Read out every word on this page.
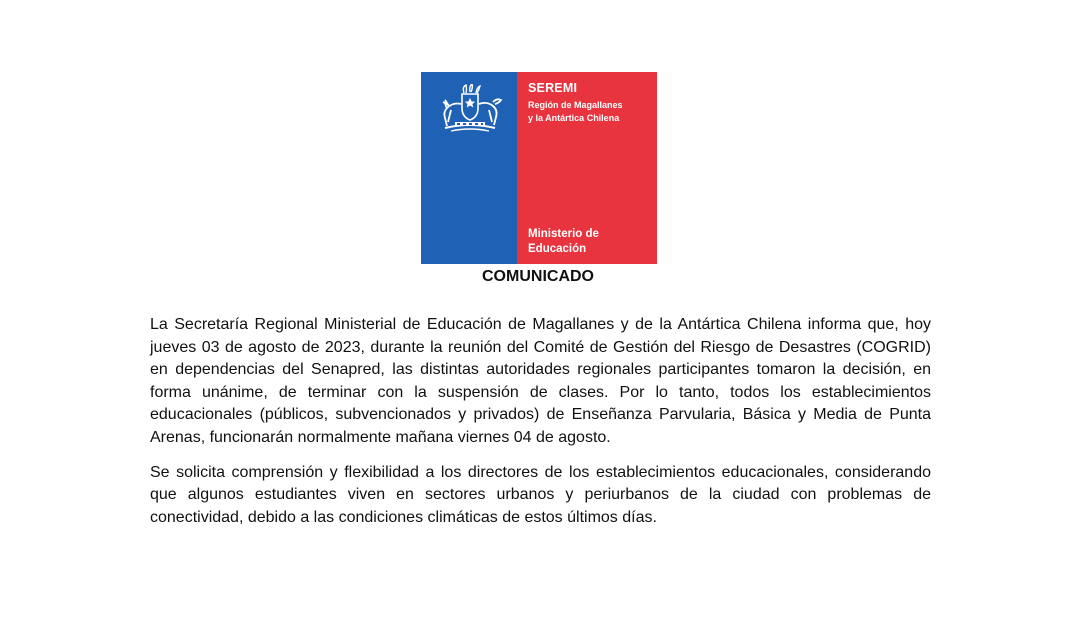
SEREMI
Región de Magallanes
y la Antártica Chilena
Ministerio de
Educación
COMUNICADO

La Secretaría Regional Ministerial de Educación de Magallanes y de la Antártica Chilena informa que, hoy jueves 03 de agosto de 2023, durante la reunión del Comité de Gestión del Riesgo de Desastres (COGRID) en dependencias del Senapred, las distintas autoridades regionales participantes tomaron la decisión, en forma unánime, de terminar con la suspensión de clases. Por lo tanto, todos los establecimientos educacionales (públicos, subvencionados y privados) de Enseñanza Parvularia, Básica y Media de Punta Arenas, funcionarán normalmente mañana viernes 04 de agosto.

Se solicita comprensión y flexibilidad a los directores de los establecimientos educacionales, considerando que algunos estudiantes viven en sectores urbanos y periurbanos de la ciudad con problemas de conectividad, debido a las condiciones climáticas de estos últimos días.
